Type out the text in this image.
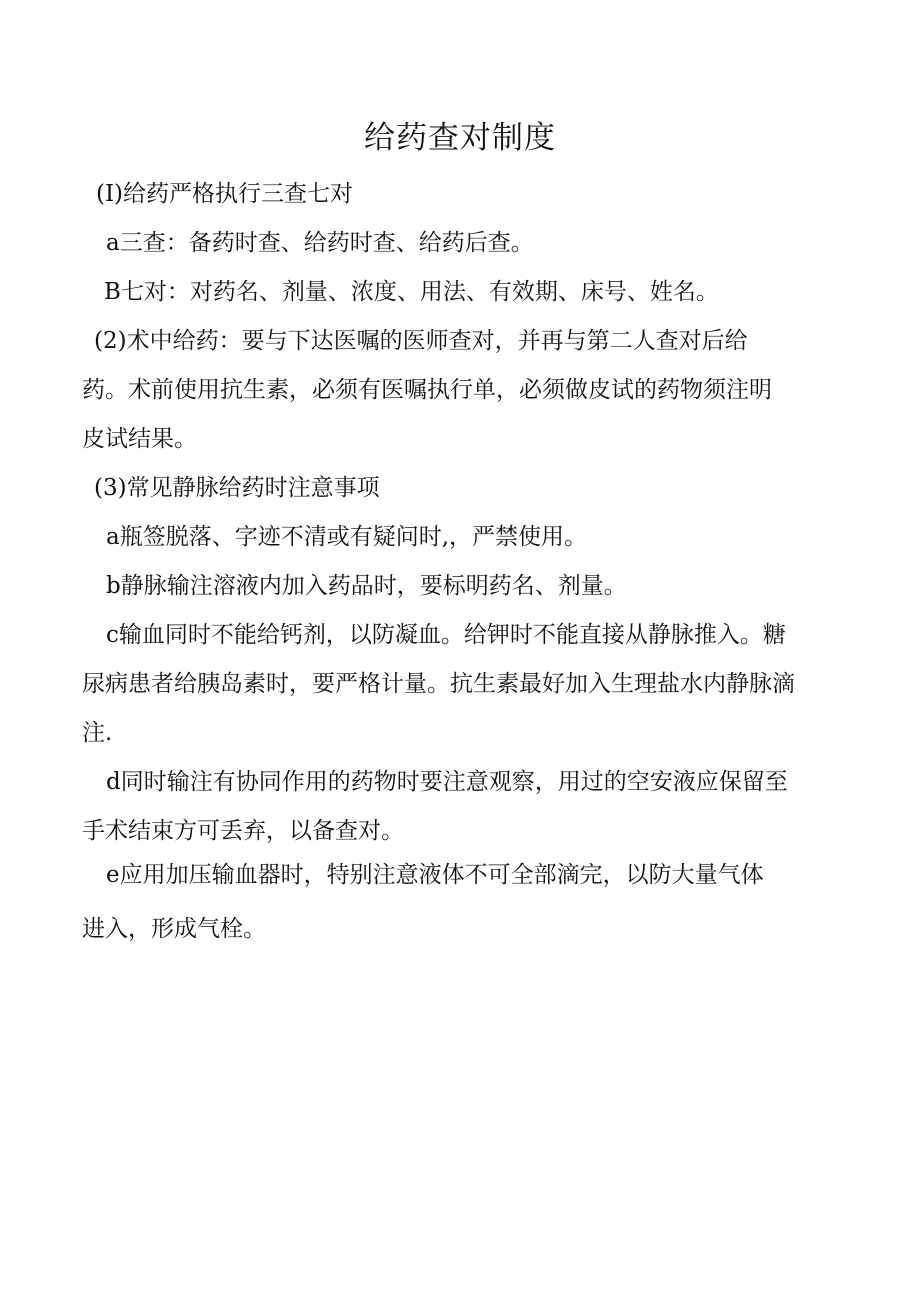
给药查对制度
(I)给药严格执行三查七对
a三查：备药时查、给药时查、给药后查。
B七对：对药名、剂量、浓度、用法、有效期、床号、姓名。
(2)术中给药：要与下达医嘱的医师查对，并再与第二人查对后给
药。术前使用抗生素，必须有医嘱执行单，必须做皮试的药物须注明
皮试结果。
(3)常见静脉给药时注意事项
a瓶签脱落、字迹不清或有疑问时,，严禁使用。
b静脉输注溶液内加入药品时，要标明药名、剂量。
c输血同时不能给钙剂，以防凝血。给钾时不能直接从静脉推入。糖
尿病患者给胰岛素时，要严格计量。抗生素最好加入生理盐水内静脉滴
注.
d同时输注有协同作用的药物时要注意观察，用过的空安液应保留至
手术结束方可丢弃，以备查对。
e应用加压输血器时，特别注意液体不可全部滴完，以防大量气体
进入，形成气栓。
